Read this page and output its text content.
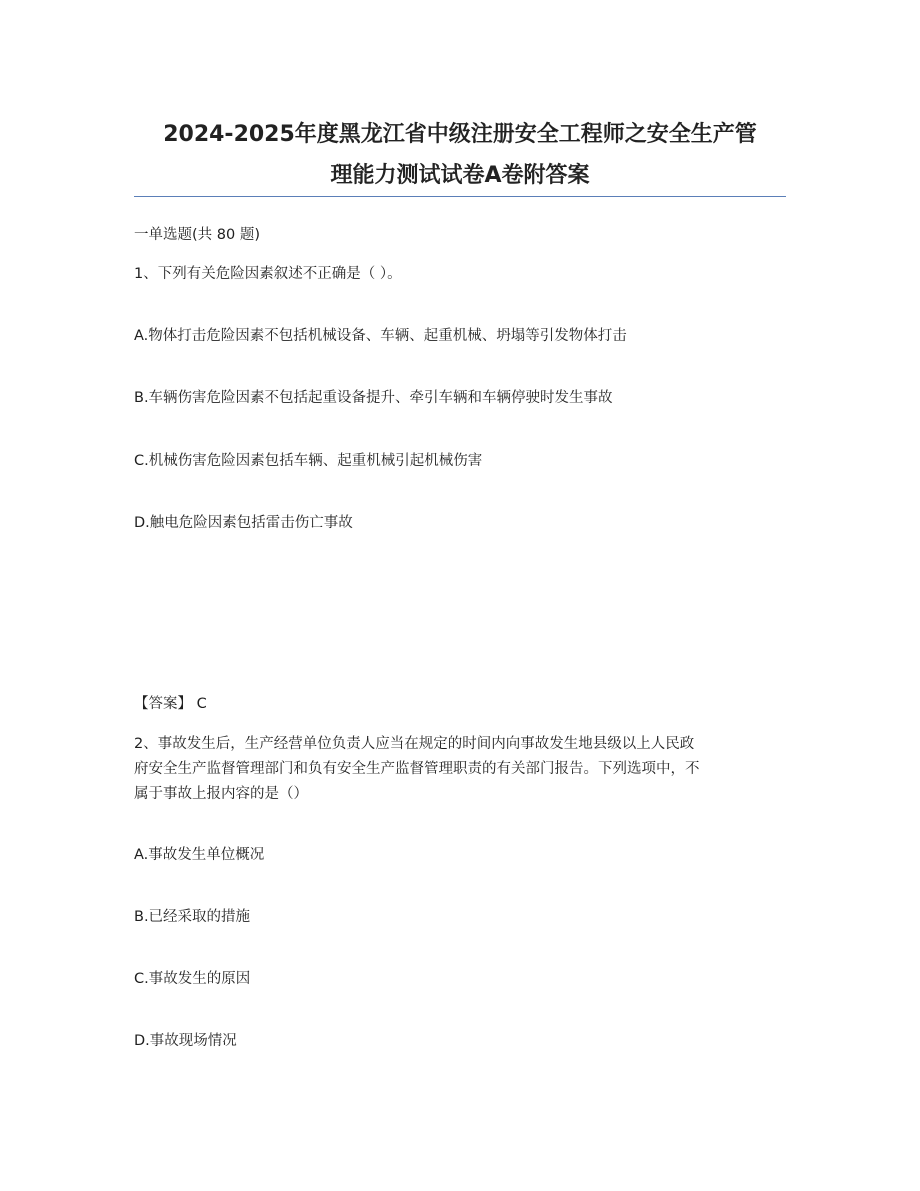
2024-2025年度黑龙江省中级注册安全工程师之安全生产管
理能力测试试卷A卷附答案
一单选题(共 80 题)
1、下列有关危险因素叙述不正确是（ ）。
A.物体打击危险因素不包括机械设备、车辆、起重机械、坍塌等引发物体打击
B.车辆伤害危险因素不包括起重设备提升、牵引车辆和车辆停驶时发生事故
C.机械伤害危险因素包括车辆、起重机械引起机械伤害
D.触电危险因素包括雷击伤亡事故
【答案】 C
2、事故发生后，生产经营单位负责人应当在规定的时间内向事故发生地县级以上人民政
府安全生产监督管理部门和负有安全生产监督管理职责的有关部门报告。下列选项中，不
属于事故上报内容的是（）
A.事故发生单位概况
B.已经采取的措施
C.事故发生的原因
D.事故现场情况
